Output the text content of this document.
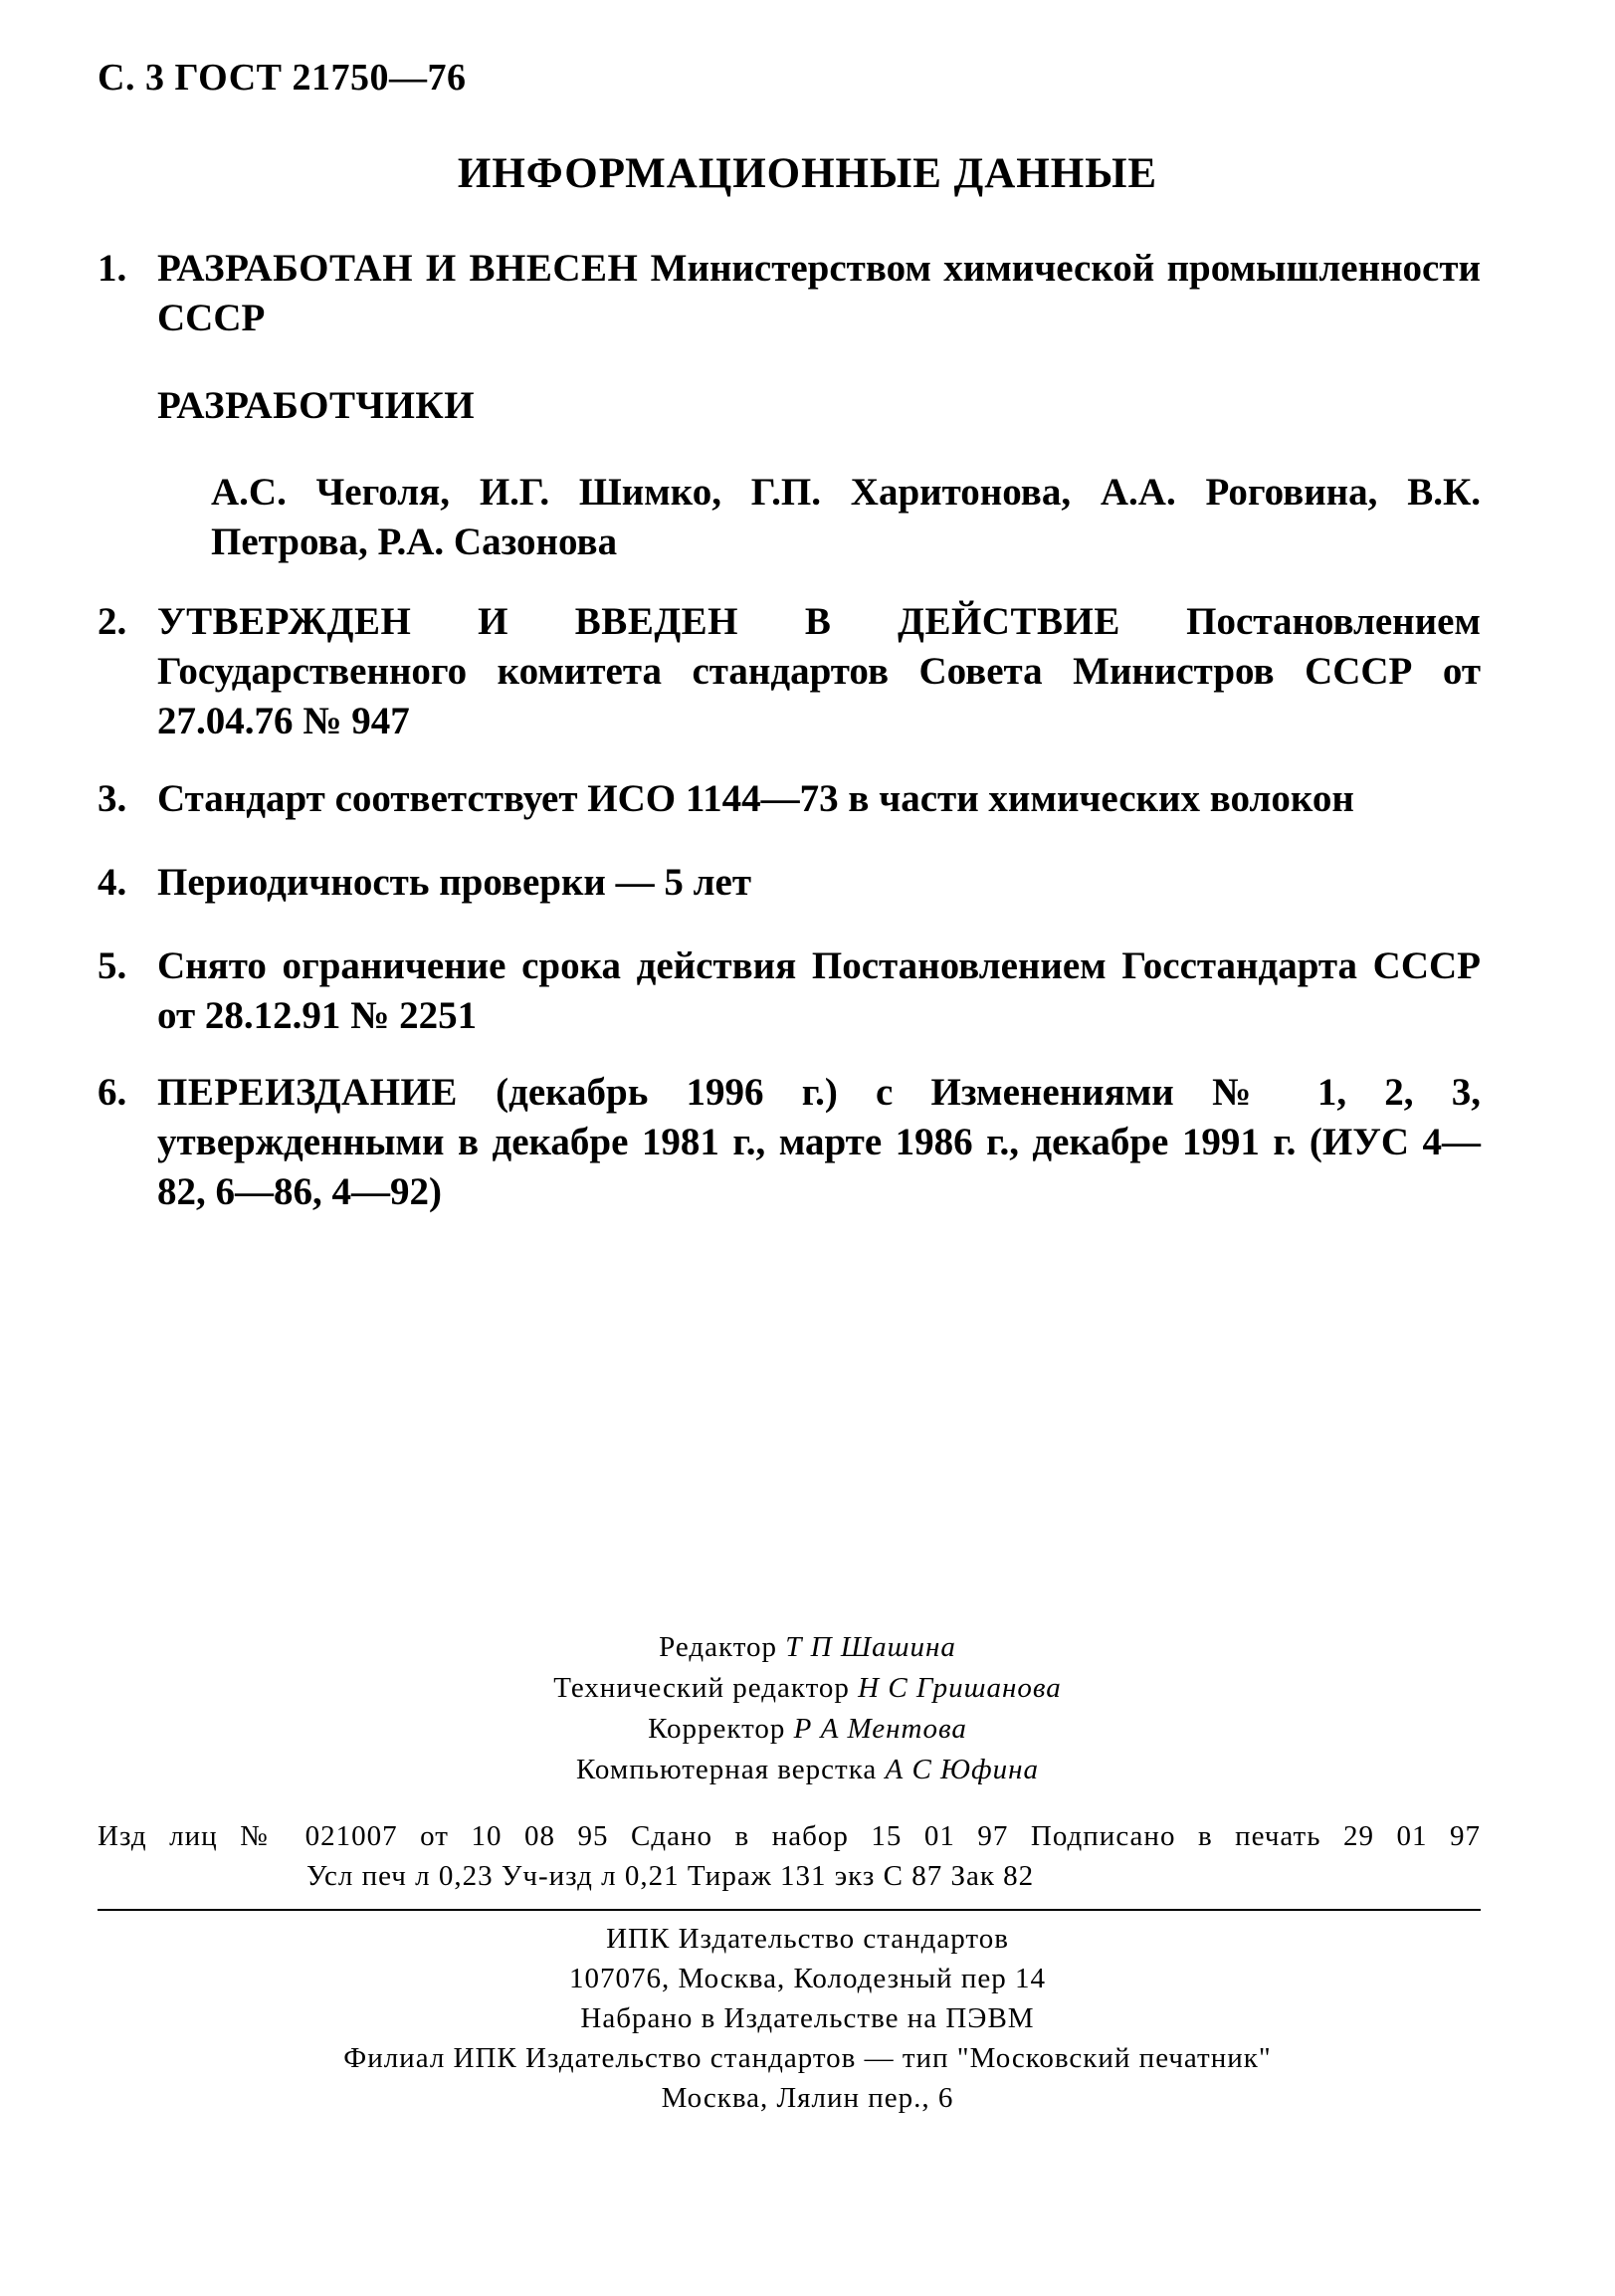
С. 3 ГОСТ 21750—76
ИНФОРМАЦИОННЫЕ ДАННЫЕ
1. РАЗРАБОТАН И ВНЕСЕН Министерством химической промышленности СССР
РАЗРАБОТЧИКИ
А.С. Чеголя, И.Г. Шимко, Г.П. Харитонова, А.А. Роговина, В.К. Петрова, Р.А. Сазонова
2. УТВЕРЖДЕН И ВВЕДЕН В ДЕЙСТВИЕ Постановлением Государственного комитета стандартов Совета Министров СССР от 27.04.76 № 947
3. Стандарт соответствует ИСО 1144—73 в части химических волокон
4. Периодичность проверки — 5 лет
5. Снято ограничение срока действия Постановлением Госстандарта СССР от 28.12.91 № 2251
6. ПЕРЕИЗДАНИЕ (декабрь 1996 г.) с Изменениями № 1, 2, 3, утвержденными в декабре 1981 г., марте 1986 г., декабре 1991 г. (ИУС 4—82, 6—86, 4—92)
Редактор Т П Шашина
Технический редактор Н С Гришанова
Корректор Р А Ментова
Компьютерная верстка А С Юфина
Изд лиц № 021007 от 10 08 95 Сдано в набор 15 01 97 Подписано в печать 29 01 97
Усл печ л 0,23 Уч-изд л 0,21 Тираж 131 экз С 87 Зак 82
ИПК Издательство стандартов
107076, Москва, Колодезный пер 14
Набрано в Издательстве на ПЭВМ
Филиал ИПК Издательство стандартов — тип "Московский печатник"
Москва, Лялин пер., 6
